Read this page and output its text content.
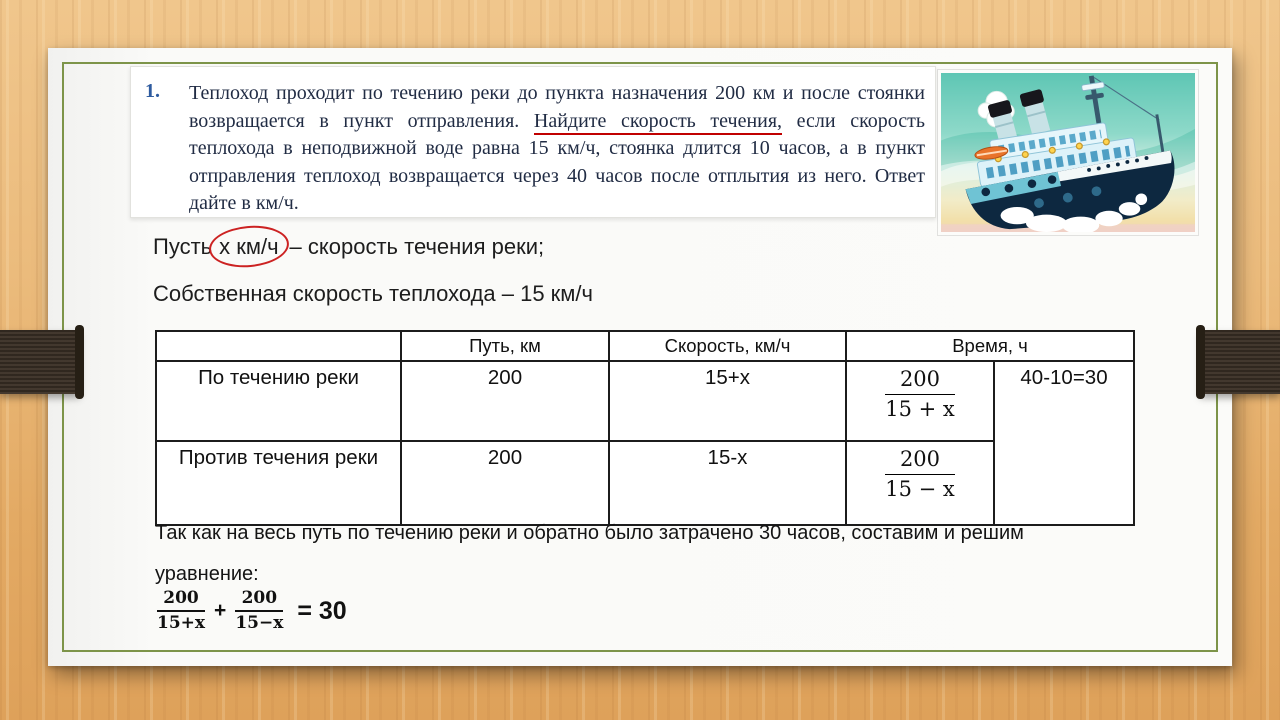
1.	Теплоход проходит по течению реки до пункта назначения 200 км и после стоянки возвращается в пункт отправления. Найдите скорость течения, если скорость теплохода в неподвижной воде равна 15 км/ч, стоянка длится 10 часов, а в пункт отправления теплоход возвращается через 40 часов после отплытия из него. Ответ дайте в км/ч.
Пусть x км/ч – скорость течения реки;
Собственная скорость теплохода – 15 км/ч
	Путь, км	Скорость, км/ч	Время, ч	
По течению реки	200	15+x	$\frac{200}{15 + x}$	40-10=30
Против течения реки	200	15-x	$\frac{200}{15 - x}$
Так как на весь путь по течению реки и обратно было затрачено 30 часов, составим и решим уравнение:
$\frac{200}{15+x} + \frac{200}{15-x} = 30$
